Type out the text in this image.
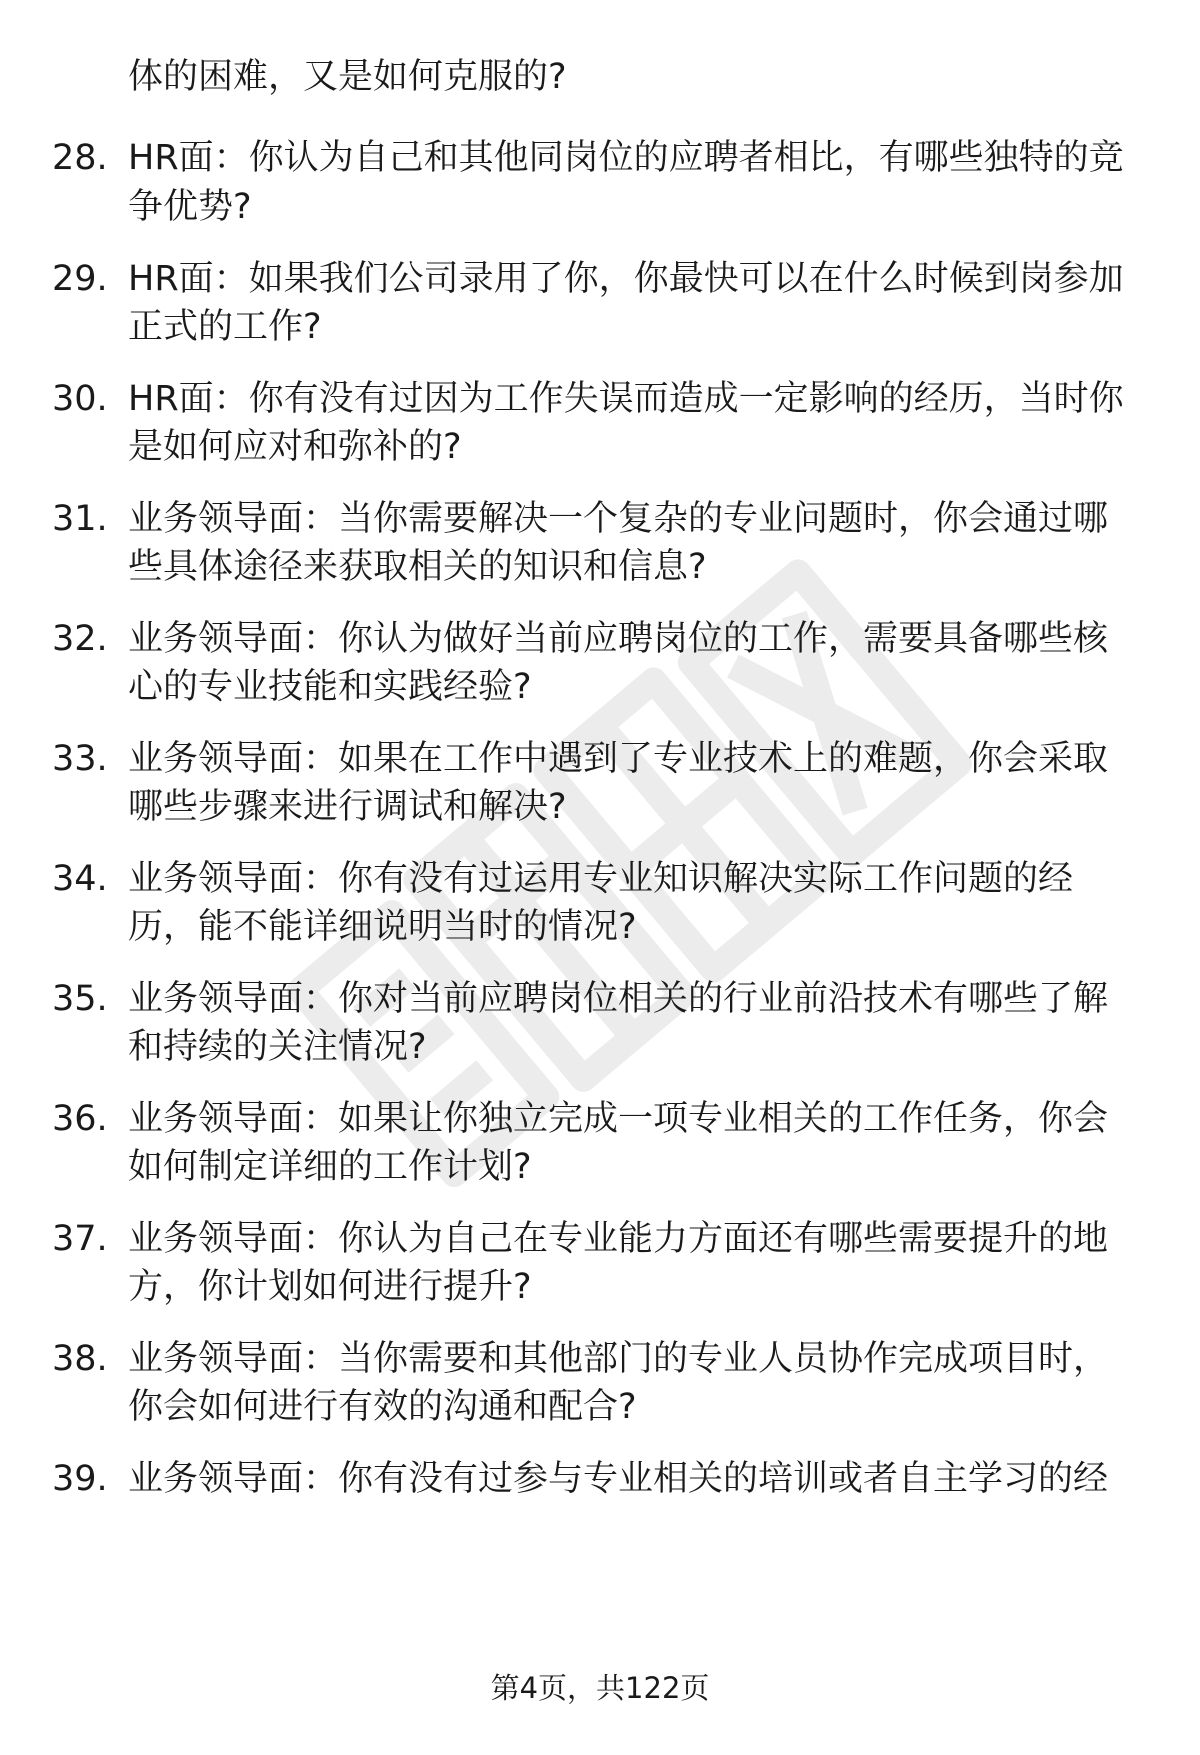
体的困难，又是如何克服的?
28. HR面：你认为自己和其他同岗位的应聘者相比，有哪些独特的竞
争优势?
29. HR面：如果我们公司录用了你，你最快可以在什么时候到岗参加
正式的工作?
30. HR面：你有没有过因为工作失误而造成一定影响的经历，当时你
是如何应对和弥补的?
31. 业务领导面：当你需要解决一个复杂的专业问题时，你会通过哪
些具体途径来获取相关的知识和信息?
32. 业务领导面：你认为做好当前应聘岗位的工作，需要具备哪些核
心的专业技能和实践经验?
33. 业务领导面：如果在工作中遇到了专业技术上的难题，你会采取
哪些步骤来进行调试和解决?
34. 业务领导面：你有没有过运用专业知识解决实际工作问题的经
历，能不能详细说明当时的情况?
35. 业务领导面：你对当前应聘岗位相关的行业前沿技术有哪些了解
和持续的关注情况?
36. 业务领导面：如果让你独立完成一项专业相关的工作任务，你会
如何制定详细的工作计划?
37. 业务领导面：你认为自己在专业能力方面还有哪些需要提升的地
方，你计划如何进行提升?
38. 业务领导面：当你需要和其他部门的专业人员协作完成项目时，
你会如何进行有效的沟通和配合?
39. 业务领导面：你有没有过参与专业相关的培训或者自主学习的经
第4页，共122页
